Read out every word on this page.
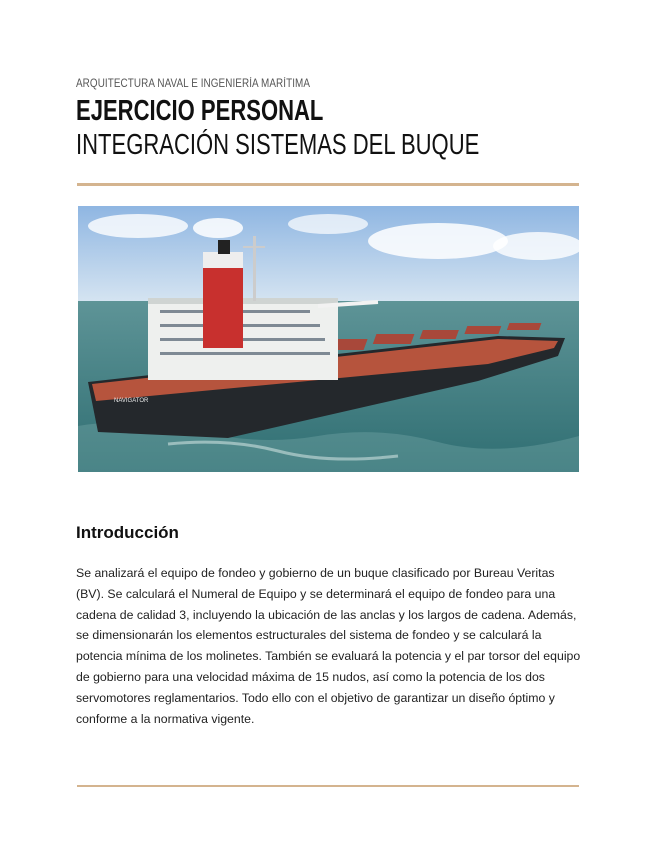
ARQUITECTURA NAVAL E INGENIERÍA MARÍTIMA
EJERCICIO PERSONAL
INTEGRACIÓN SISTEMAS DEL BUQUE
NAVIGATOR
Introducción
Se analizará el equipo de fondeo y gobierno de un buque clasificado por Bureau Veritas (BV). Se calculará el Numeral de Equipo y se determinará el equipo de fondeo para una cadena de calidad 3, incluyendo la ubicación de las anclas y los largos de cadena. Además, se dimensionarán los elementos estructurales del sistema de fondeo y se calculará la potencia mínima de los molinetes. También se evaluará la potencia y el par torsor del equipo de gobierno para una velocidad máxima de 15 nudos, así como la potencia de los dos servomotores reglamentarios. Todo ello con el objetivo de garantizar un diseño óptimo y conforme a la normativa vigente.
